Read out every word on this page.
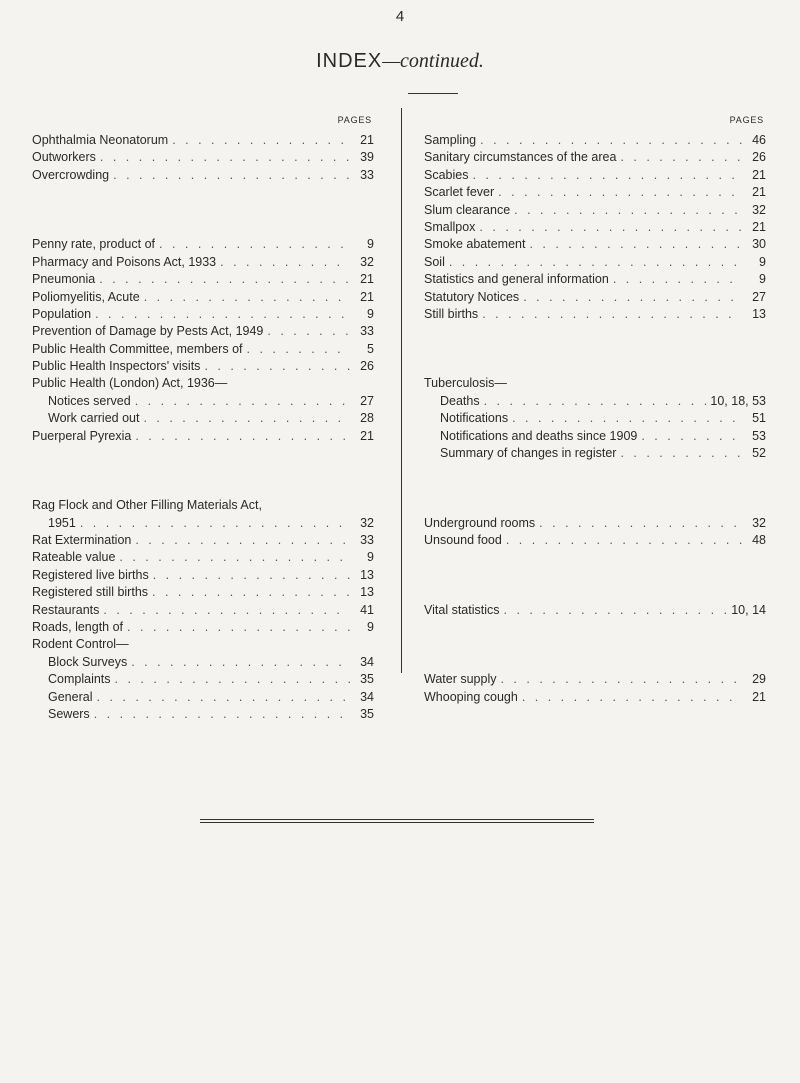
4
INDEX—continued.
PAGES
Ophthalmia Neonatorum . . .	21
Outworkers . . .	39
Overcrowding . . .	33
Penny rate, product of . . .	9
Pharmacy and Poisons Act, 1933 . . .	32
Pneumonia . . .	21
Poliomyelitis, Acute . . .	21
Population . . .	9
Prevention of Damage by Pests Act, 1949 . . .	33
Public Health Committee, members of . . .	5
Public Health Inspectors' visits . . .	26
Public Health (London) Act, 1936—
Notices served . . .	27
Work carried out . . .	28
Puerperal Pyrexia . . .	21
Rag Flock and Other Filling Materials Act,
1951 . . .	32
Rat Extermination . . .	33
Rateable value . . .	9
Registered live births . . .	13
Registered still births . . .	13
Restaurants . . .	41
Roads, length of . . .	9
Rodent Control—
Block Surveys . . .	34
Complaints . . .	35
General . . .	34
Sewers . . .	35
PAGES
Sampling . . .	46
Sanitary circumstances of the area . . .	26
Scabies . . .	21
Scarlet fever . . .	21
Slum clearance . . .	32
Smallpox . . .	21
Smoke abatement . . .	30
Soil . . .	9
Statistics and general information . . .	9
Statutory Notices . . .	27
Still births . . .	13
Tuberculosis—
Deaths . . .	10, 18, 53
Notifications . . .	51
Notifications and deaths since 1909 . . .	53
Summary of changes in register . . .	52
Underground rooms . . .	32
Unsound food . . .	48
Vital statistics . . .	10, 14
Water supply . . .	29
Whooping cough . . .	21
